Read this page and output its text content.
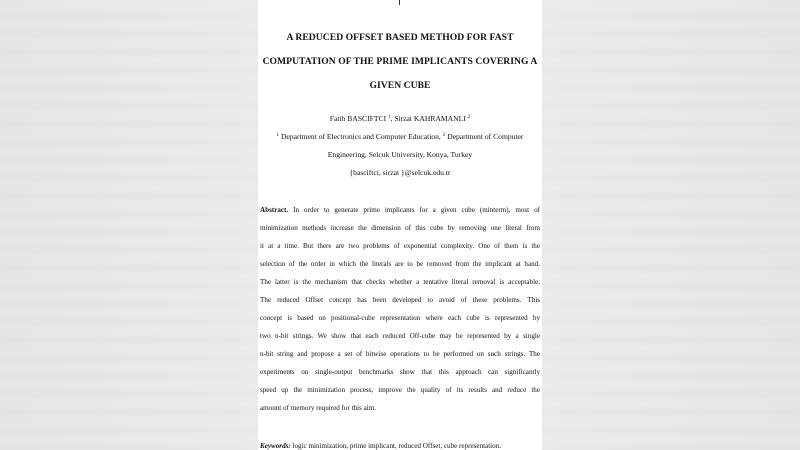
A REDUCED OFFSET BASED METHOD FOR FAST
COMPUTATION OF THE PRIME IMPLICANTS COVERING A
GIVEN CUBE
Fatih BASCIFTCI $^1$, Sirzat KAHRAMANLI $^2$
$^1$ Department of Electronics and Computer Education, $^2$ Department of Computer
Engineering, Selcuk University, Konya, Turkey
{basciftci, sirzat }@selcuk.edu.tr
Abstract. In order to generate prime implicants for a given cube (minterm), most of
minimization methods increase the dimension of this cube by removing one literal from
it at a time. But there are two problems of exponential complexity. One of them is the
selection of the order in which the literals are to be removed from the implicant at hand.
The latter is the mechanism that checks whether a tentative literal removal is acceptable.
The reduced Offset concept has been developed to avoid of these problems. This
concept is based on positional-cube representation where each cube is represented by
two n-bit strings. We show that each reduced Off-cube may be represented by a single
n-bit string and propose a set of bitwise operations to be performed on such strings. The
experiments on single-output benchmarks show that this approach can significantly
speed up the minimization process, improve the quality of its results and reduce the
amount of memory required for this aim.
Keywords: logic minimization, prime implicant, reduced Offset, cube representation.
